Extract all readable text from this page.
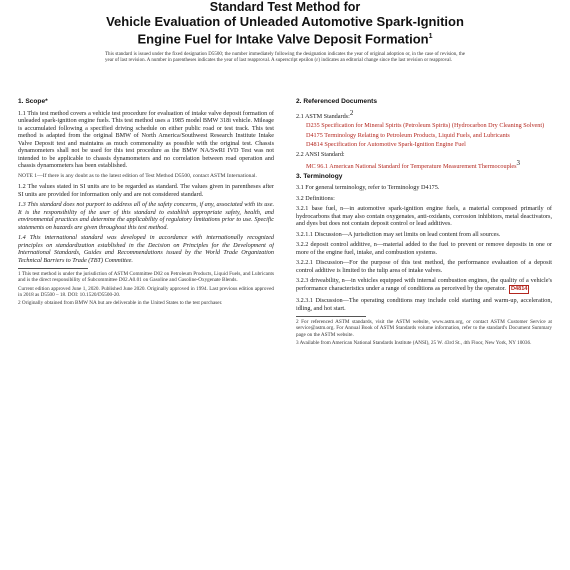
Standard Test Method for
Vehicle Evaluation of Unleaded Automotive Spark-Ignition
Engine Fuel for Intake Valve Deposit Formation$^1$
This standard is issued under the fixed designation D5500; the number immediately following the designation indicates the year of original adoption or, in the case of revision, the year of last revision. A number in parentheses indicates the year of last reapproval. A superscript epsilon (ε) indicates an editorial change since the last revision or reapproval.
1. Scope*

1.1 This test method covers a vehicle test procedure for evaluation of intake valve deposit formation of unleaded spark-ignition engine fuels. This test method uses a 1985 model BMW 318i vehicle. Mileage is accumulated following a specified driving schedule on either public road or test track. This test method is adapted from the original BMW of North America/Southwest Research Institute Intake Valve Deposit test and maintains as much commonality as possible with the original test. Chassis dynamometers shall not be used for this test procedure as the BMW NA/SwRI IVD Test was not intended to be applicable to chassis dynamometers and no correlation between road operation and chassis dynamometers has been established.

NOTE 1—If there is any doubt as to the latest edition of Test Method D5500, contact ASTM International.

1.2 The values stated in SI units are to be regarded as standard. The values given in parentheses after SI units are provided for information only and are not considered standard.

1.3 This standard does not purport to address all of the safety concerns, if any, associated with its use. It is the responsibility of the user of this standard to establish appropriate safety, health, and environmental practices and determine the applicability of regulatory limitations prior to use. Specific statements on hazards are given throughout this test method.

1.4 This international standard was developed in accordance with internationally recognized principles on standardization established in the Decision on Principles for the Development of International Standards, Guides and Recommendations issued by the World Trade Organization Technical Barriers to Trade (TBT) Committee.

1 This test method is under the jurisdiction of ASTM Committee D02 on Petroleum Products, Liquid Fuels, and Lubricants and is the direct responsibility of Subcommittee D02.A0.01 on Gasoline and Gasoline-Oxygenate Blends.

Current edition approved June 1, 2020. Published June 2020. Originally approved in 1994. Last previous edition approved in 2018 as D5500 – 18. DOI: 10.1520/D5500-20.

2 Originally obtained from BMW NA but are deliverable in the United States to the test purchaser.

2. Referenced Documents

2.1 ASTM Standards:2

D235 Specification for Mineral Spirits (Petroleum Spirits) (Hydrocarbon Dry Cleaning Solvent)

D4175 Terminology Relating to Petroleum Products, Liquid Fuels, and Lubricants

D4814 Specification for Automotive Spark-Ignition Engine Fuel

2.2 ANSI Standard:

MC 96.1 American National Standard for Temperature Measurement Thermocouples3

3. Terminology

3.1 For general terminology, refer to Terminology D4175.

3.2 Definitions:

3.2.1 base fuel, n—in automotive spark-ignition engine fuels, a material composed primarily of hydrocarbons that may also contain oxygenates, anti-oxidants, corrosion inhibitors, metal deactivators, and dyes but does not contain deposit control or lead additives.

3.2.1.1 Discussion—A jurisdiction may set limits on lead content from all sources.

3.2.2 deposit control additive, n—material added to the fuel to prevent or remove deposits in one or more of the engine fuel, intake, and combustion systems.

3.2.2.1 Discussion—For the purpose of this test method, the performance evaluation of a deposit control additive is limited to the tulip area of intake valves.

3.2.3 driveability, n—in vehicles equipped with internal combustion engines, the quality of a vehicle's performance characteristics under a range of conditions as perceived by the operator. D4814

3.2.3.1 Discussion—The operating conditions may include cold starting and warm-up, acceleration, idling, and hot start.

2 For referenced ASTM standards, visit the ASTM website, www.astm.org, or contact ASTM Customer Service at service@astm.org. For Annual Book of ASTM Standards volume information, refer to the standard's Document Summary page on the ASTM website.

3 Available from American National Standards Institute (ANSI), 25 W. 43rd St., 4th Floor, New York, NY 10036.
